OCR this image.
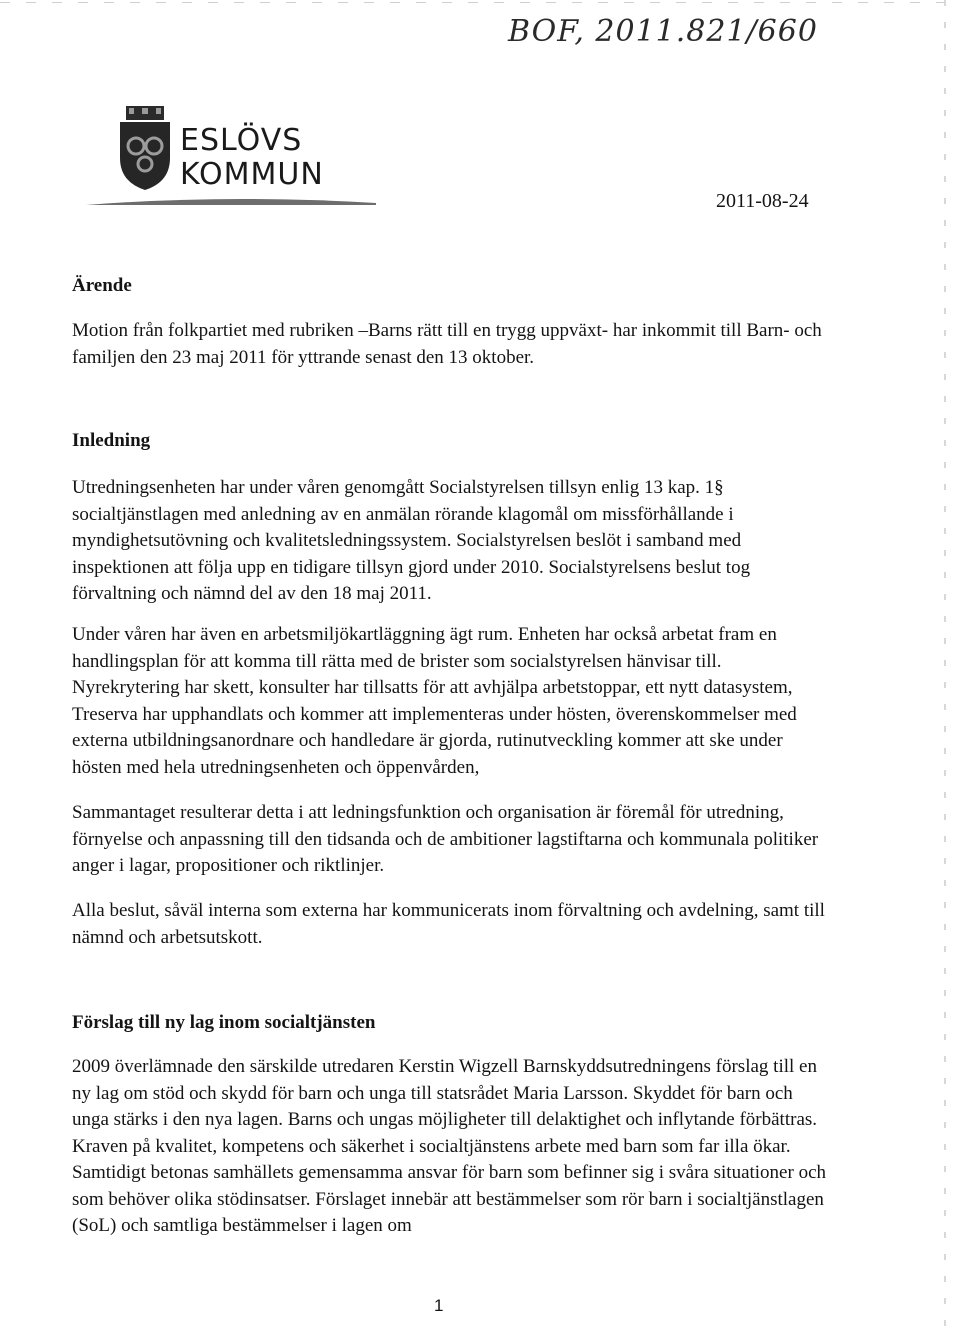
BOF, 2011.821/660
ESLÖVS
KOMMUN
2011-08-24
Ärende

Motion från folkpartiet med rubriken –Barns rätt till en trygg uppväxt- har inkommit till Barn- och familjen den 23 maj 2011 för yttrande senast den 13 oktober.

Inledning

Utredningsenheten har under våren genomgått Socialstyrelsen tillsyn enlig 13 kap. 1§ socialtjänstlagen med anledning av en anmälan rörande klagomål om missförhållande i myndighetsutövning och kvalitetsledningssystem. Socialstyrelsen beslöt i samband med inspektionen att följa upp en tidigare tillsyn gjord under 2010. Socialstyrelsens beslut tog förvaltning och nämnd del av den 18 maj 2011.

Under våren har även en arbetsmiljökartläggning ägt rum. Enheten har också arbetat fram en handlingsplan för att komma till rätta med de brister som socialstyrelsen hänvisar till. Nyrekrytering har skett, konsulter har tillsatts för att avhjälpa arbetstoppar, ett nytt datasystem, Treserva har upphandlats och kommer att implementeras under hösten, överenskommelser med externa utbildningsanordnare och handledare är gjorda, rutinutveckling kommer att ske under hösten med hela utredningsenheten och öppenvården,

Sammantaget resulterar detta i att ledningsfunktion och organisation är föremål för utredning, förnyelse och anpassning till den tidsanda och de ambitioner lagstiftarna och kommunala politiker anger i lagar, propositioner och riktlinjer.

Alla beslut, såväl interna som externa har kommunicerats inom förvaltning och avdelning, samt till nämnd och arbetsutskott.

Förslag till ny lag inom socialtjänsten

2009 överlämnade den särskilde utredaren Kerstin Wigzell Barnskyddsutredningens förslag till en ny lag om stöd och skydd för barn och unga till statsrådet Maria Larsson. Skyddet för barn och unga stärks i den nya lagen. Barns och ungas möjligheter till delaktighet och inflytande förbättras. Kraven på kvalitet, kompetens och säkerhet i socialtjänstens arbete med barn som far illa ökar. Samtidigt betonas samhällets gemensamma ansvar för barn som befinner sig i svåra situationer och som behöver olika stödinsatser. Förslaget innebär att bestämmelser som rör barn i socialtjänstlagen (SoL) och samtliga bestämmelser i lagen om

1
